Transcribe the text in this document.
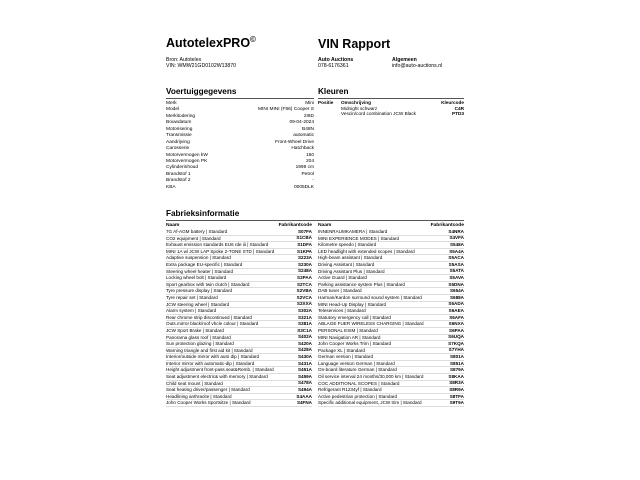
AutotelexPRO©	VIN Rapport
Bron: Autotelex
VIN: WMW21GD0102W13870
Auto Auctions
078-6176361
Algemeen
info@auto-auctions.nl
Voertuiggegevens
Merk	Mini
Model	MINI MINI (F66) Cooper S
Merkitodering	2I6D
Bouwdatum	09-04-2024
Motorisering	B48N
Transmissie	automatic
Aandrijving	Front-Wheel Drive
Carosserie	Hatchback
Motorvermogen kW	150
Motorvermogen PK	204
Cylinderinhoud	1998 cm
Brandstof 1	Petrol
Brandstof 2	-
KBA	0005DLK
Kleuren
Positie Omschrijving	Kleurcode
Midnight schwarz	C4R
Vescin/cord combination JCW Black	PTD3
Fabrieksinformatie
Naam	Fabrikantcode
7G Af-AGM battery | Standard	S07FA
CO2 equipment | Standard	S1CBA
Exhaust emission standards EU6 rde iii | Standard	S1DFA
MINI 1A wl JCW LAP Spoke 2-TONE STD | Standard	S1KPA
Adaptive suspension | Standard	S223A
Extra package EU-specific | Standard	S230A
Steering wheel heater | Standard	S248A
Locking wheel bolt | Standard	S2PAA
Sport gearbox with twin clutch | Standard	S2TCA
Tyre pressure display | Standard	S2VBA
Tyre repair set | Standard	S2VCA
JCW steering wheel | Standard	S2XXA
Alarm system | Standard	S302A
Rear chrome strip discontinued | Standard	S321A
Outs.mirror black/roof vhcle colour | Standard	S381A
JCW Sport Brake | Standard	S3C1A
Panorama glass roof | Standard	S402A
Sun protection glazing | Standard	S420A
Warning triangle and first aid kit | Standard	S428A
Interior/outside mirror with auto dip | Standard	S430A
Interior mirror with automatic-dip | Standard	S431A
Height adjustment front-pass.seat&Remb. | Standard	S451A
Seat adjustment electric& with memory | Standard	S459A
Child seat mount | Standard	S478A
Seat heating driver/passenger | Standard	S494A
Headlining anthracite | Standard	S4AAA
John Cooper Works Sportsitze | Standard	S4FNA
Naam	Fabrikantcode
INNENRAUMKAMERA | Standard	S4NRA
MINI EXPERIENCE MODES | Standard	S4VFA
Kilometre speedo | Standard	S548A
LED headlight with extended scopes | Standard	S5A4A
High-beam assistant | Standard	S5ACA
Driving Assistant | Standard	S5ASA
Driving Assistant Plus | Standard	S5ATA
Active Guard | Standard	S5AVA
Parking assistance system Plus | Standard	S5DNA
DAB tuner | Standard	S654A
Harman/Kardon surround sound system | Standard	S688A
MINI Head-Up Display | Standard	S6ADA
Teleservices | Standard	S6AEA
Statutory emergency call | Standard	S6AFA
ABLAGE FUER WIRELESS CHARGING | Standard	S6NXA
PERSONAL ESIM | Standard	S6PAA
MINI Navigation AR | Standard	S6UQA
John Cooper Works Trim | Standard	S7KQA
Package XL | Standard	S7YHA
German version | Standard	S801A
Language version German | Standard	S851A
On-board literature German | Standard	S879A
Oil service interval 24 months/30,000 km | Standard	S8KAA
COC ADDITIONAL SCOPES | Standard	S8R3A
Refrigerant R1234yf | Standard	S8R9A
Active pedestrian protection | Standard	S8TFA
Specific additional equipment, JCW trim | Standard	S9T9A
